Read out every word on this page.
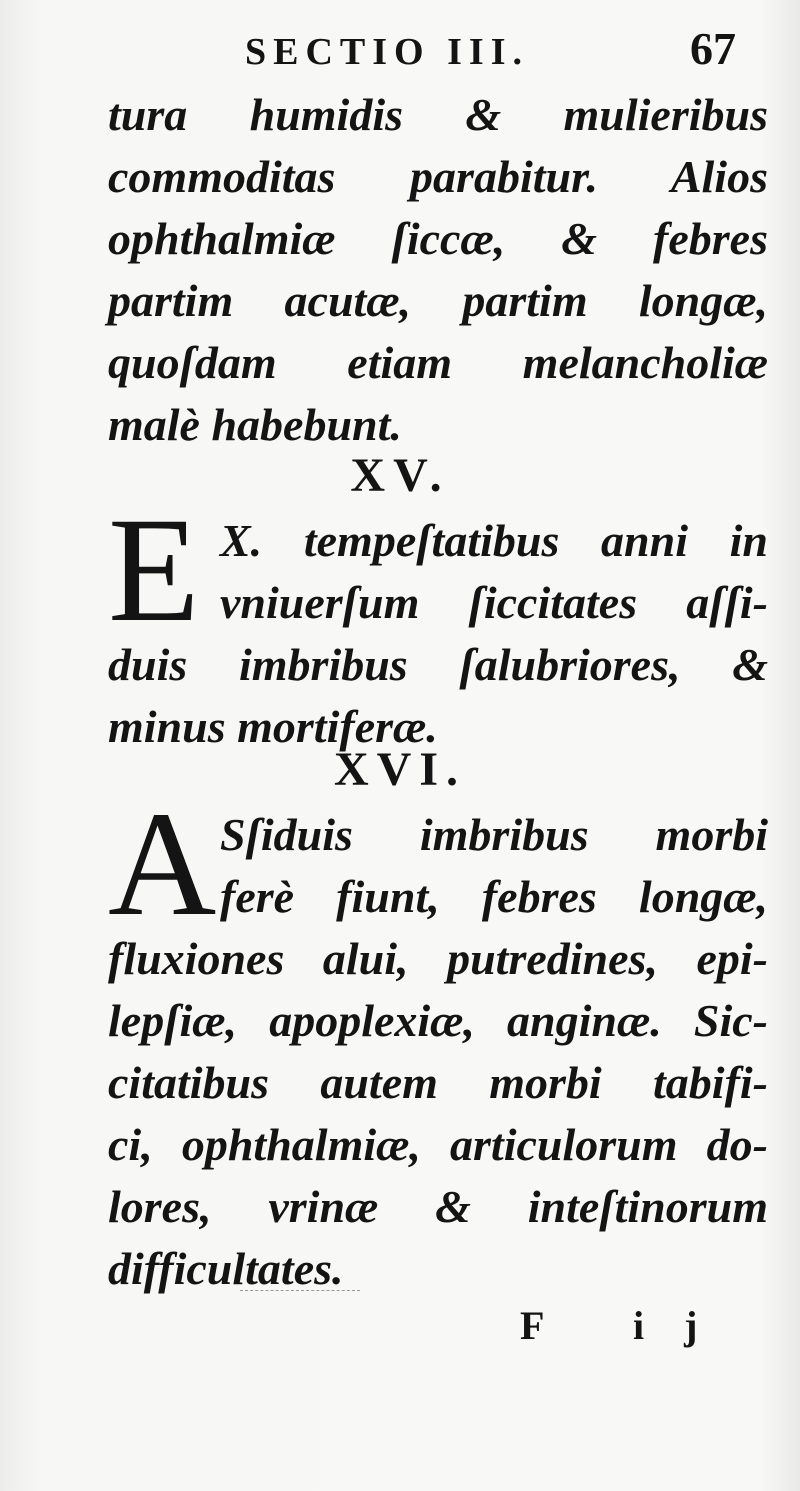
SECTIO III.	67
tura humidis & mulieribus
commoditas parabitur. Alios
ophthalmiæ ſiccæ, & febres
partim acutæ, partim longæ,
quoſdam etiam melancholiæ
malè habebunt.
XV.
E X. tempeſtatibus anni in
vniuerſum ſiccitates aſſi-
duis imbribus ſalubriores, &
minus mortiferæ.
XVI.
A Sſiduis imbribus morbi
ferè fiunt, febres longæ,
fluxiones alui, putredines, epi-
lepſiæ, apoplexiæ, anginæ. Sic-
citatibus autem morbi tabifi-
ci, ophthalmiæ, articulorum do-
lores, vrinæ & inteſtinorum
difficultates.
F ij
